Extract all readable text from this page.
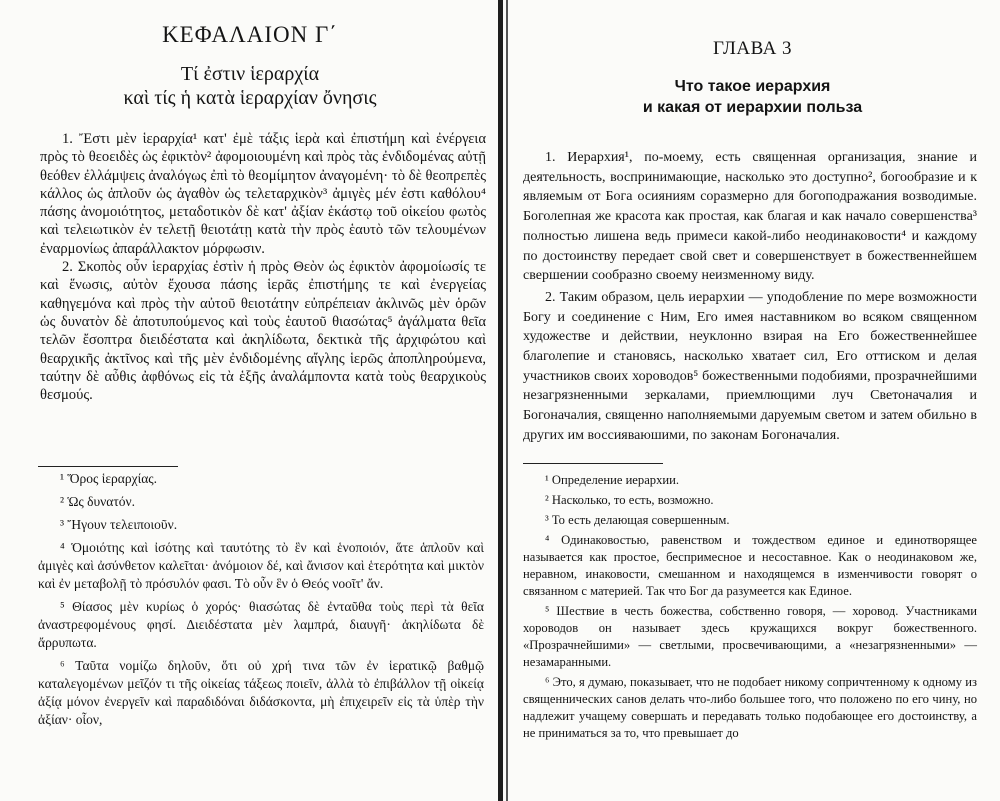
ΚΕΦΑΛΑΙΟΝ Γ΄
Τί ἐστιν ἱεραρχία
καὶ τίς ἡ κατὰ ἱεραρχίαν ὄνησις

1. Ἔστι μὲν ἱεραρχία¹ κατ' ἐμὲ τάξις ἱερὰ καὶ ἐπιστήμη καὶ ἐνέργεια πρὸς τὸ θεοειδὲς ὡς ἐφικτὸν² ἀφομοιουμένη καὶ πρὸς τὰς ἐνδιδομένας αὐτῇ θεόθεν ἐλλάμψεις ἀναλόγως ἐπὶ τὸ θεομίμητον ἀναγομένη· τὸ δὲ θεοπρεπὲς κάλλος ὡς ἁπλοῦν ὡς ἀγαθὸν ὡς τελεταρχικὸν³ ἀμιγὲς μέν ἐστι καθόλου⁴ πάσης ἀνομοιότητος, μεταδοτικὸν δὲ κατ' ἀξίαν ἑκάστῳ τοῦ οἰκείου φωτὸς καὶ τελειωτικὸν ἐν τελετῇ θειοτάτῃ κατὰ τὴν πρὸς ἑαυτὸ τῶν τελουμένων ἐναρμονίως ἀπαράλλακτον μόρφωσιν.

2. Σκοπὸς οὖν ἱεραρχίας ἐστὶν ἡ πρὸς Θεὸν ὡς ἐφικτὸν ἀφομοίωσίς τε καὶ ἕνωσις, αὐτὸν ἔχουσα πάσης ἱερᾶς ἐπιστήμης τε καὶ ἐνεργείας καθηγεμόνα καὶ πρὸς τὴν αὐτοῦ θειοτάτην εὐπρέπειαν ἀκλινῶς μὲν ὁρῶν ὡς δυνατὸν δὲ ἀποτυπούμενος καὶ τοὺς ἑαυτοῦ θιασώτας⁵ ἀγάλματα θεῖα τελῶν ἔσοπτρα διειδέστατα καὶ ἀκηλίδωτα, δεκτικὰ τῆς ἀρχιφώτου καὶ θεαρχικῆς ἀκτῖνος καὶ τῆς μὲν ἐνδιδομένης αἴγλης ἱερῶς ἀποπληρούμενα, ταύτην δὲ αὖθις ἀφθόνως εἰς τὰ ἑξῆς ἀναλάμποντα κατὰ τοὺς θεαρχικοὺς θεσμούς.

¹ Ὅρος ἱεραρχίας.

² Ὡς δυνατόν.

³ Ἤγουν τελειποιοῦν.

⁴ Ὁμοιότης καὶ ἰσότης καὶ ταυτότης τὸ ἓν καὶ ἑνοποιόν, ἅτε ἁπλοῦν καὶ ἀμιγὲς καὶ ἀσύνθετον καλεῖται· ἀνόμοιον δέ, καὶ ἄνισον καὶ ἑτερότητα καὶ μικτὸν καὶ ἐν μεταβολῇ τὸ πρόσυλόν φασι. Τὸ οὖν ἓν ὁ Θεός νοοῖτ' ἄν.

⁵ Θίασος μὲν κυρίως ὁ χορός· θιασώτας δὲ ἐνταῦθα τοὺς περὶ τὰ θεῖα ἀναστρεφομένους φησί. Διειδέστατα μὲν λαμπρά, διαυγῆ· ἀκηλίδωτα δὲ ἄρρυπωτα.

⁶ Ταῦτα νομίζω δηλοῦν, ὅτι οὐ χρή τινα τῶν ἐν ἱερατικῷ βαθμῷ καταλεγομένων μεῖζόν τι τῆς οἰκείας τάξεως ποιεῖν, ἀλλὰ τὸ ἐπιβάλλον τῇ οἰκείᾳ ἀξίᾳ μόνον ἐνεργεῖν καὶ παραδιδόναι διδάσκοντα, μὴ ἐπιχειρεῖν εἰς τὰ ὑπὲρ τὴν ἀξίαν· οἷον,

ГЛАВА 3
Что такое иерархия
и какая от иерархии польза

1. Иерархия¹, по-моему, есть священная организация, знание и деятельность, воспринимающие, насколько это доступно², богообразие и к являемым от Бога осияниям соразмерно для богоподражания возводимые. Боголепная же красота как простая, как благая и как начало совершенства³ полностью лишена ведь примеси какой-либо неодинаковости⁴ и каждому по достоинству передает свой свет и совершенствует в божественнейшем свершении сообразно своему неизменному виду.

2. Таким образом, цель иерархии — уподобление по мере возможности Богу и соединение с Ним, Его имея наставником во всяком священном художестве и действии, неуклонно взирая на Его божественнейшее благолепие и становясь, насколько хватает сил, Его оттиском и делая участников своих хороводов⁵ божественными подобиями, прозрачнейшими незагрязненными зеркалами, приемлющими луч Светоначалия и Богоначалия, священно наполняемыми даруемым светом и затем обильно в других им воссияваюшими, по законам Богоначалия.

¹ Определение иерархии.

² Насколько, то есть, возможно.

³ То есть делающая совершенным.

⁴ Одинаковостью, равенством и тождеством единое и единотворящее называется как простое, беспримесное и несоставное. Как о неодинаковом же, неравном, инаковости, смешанном и находящемся в изменчивости говорят о связанном с материей. Так что Бог да разумеется как Единое.

⁵ Шествие в честь божества, собственно говоря, — хоровод. Участниками хороводов он называет здесь кружащихся вокруг божественного. «Прозрачнейшими» — светлыми, просвечивающими, а «незагрязненными» — незамаранными.

⁶ Это, я думаю, показывает, что не подобает никому сопричтенному к одному из священнических санов делать что-либо большее того, что положено по его чину, но надлежит учащему совершать и передавать только подобающее его достоинству, а не приниматься за то, что превышает до
